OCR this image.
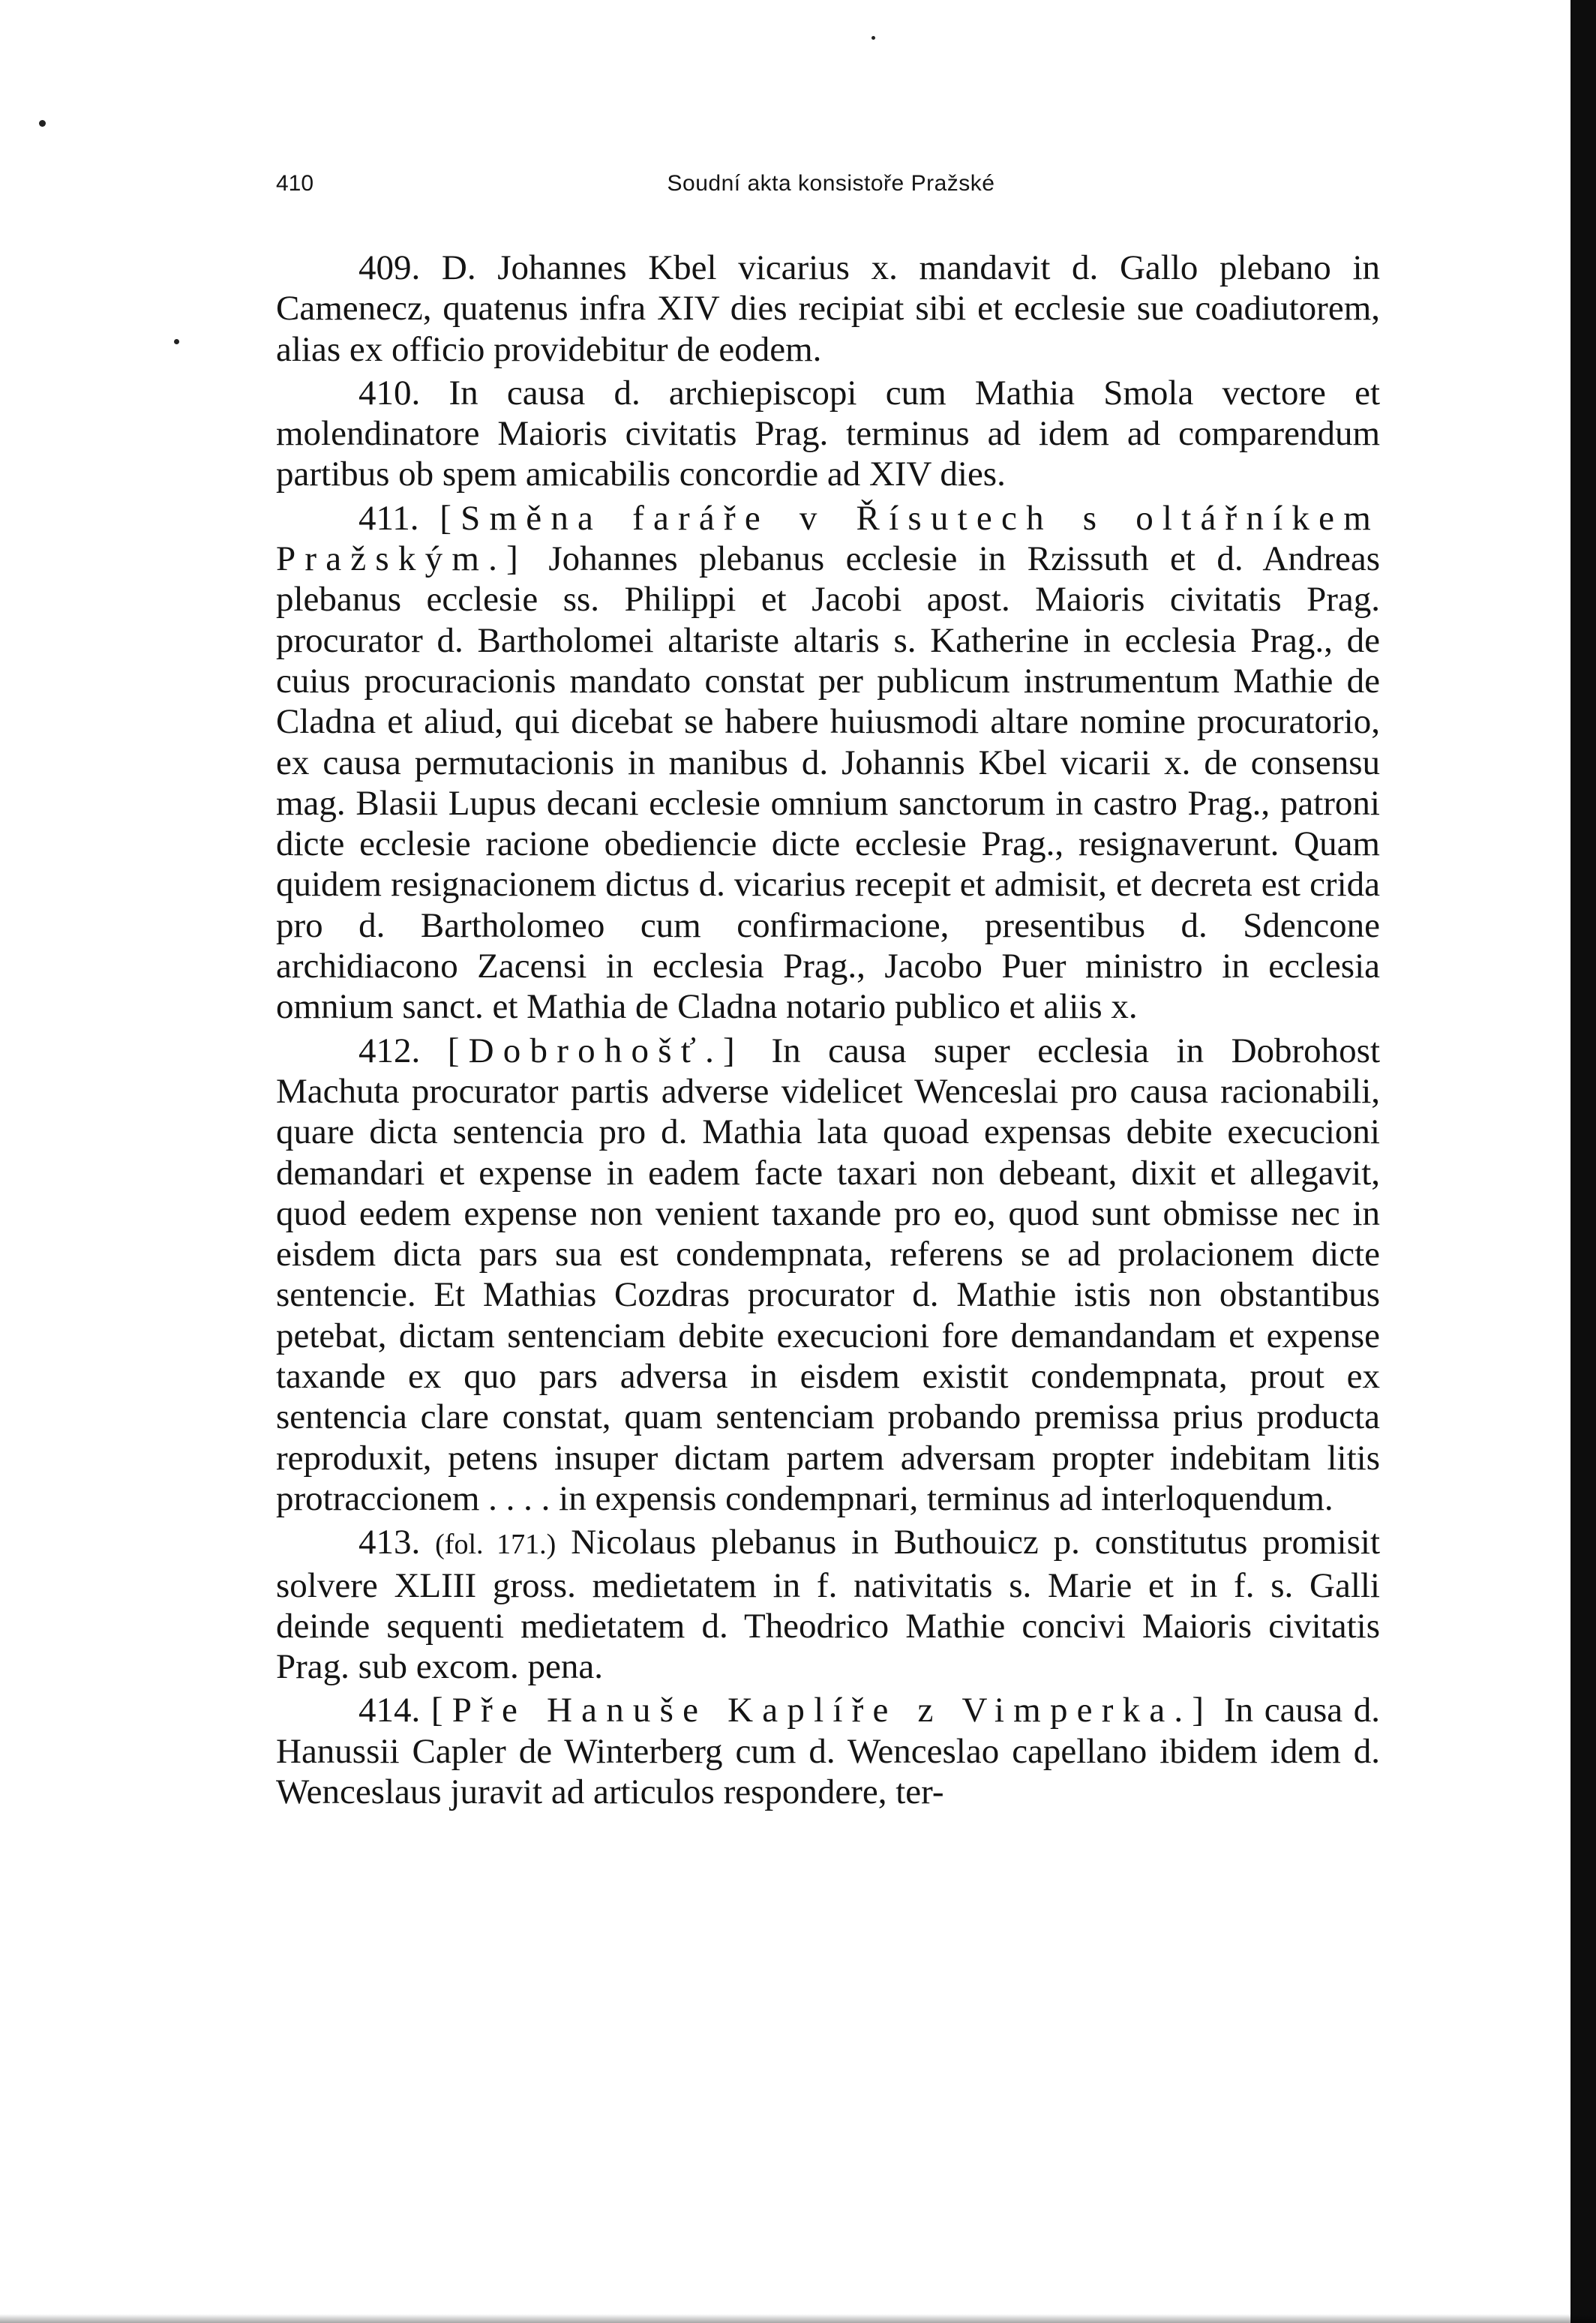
410	Soudní akta konsistoře Pražské

409. D. Johannes Kbel vicarius x. mandavit d. Gallo plebano in Camenecz, quatenus infra XIV dies recipiat sibi et ecclesie sue coadiutorem, alias ex officio providebitur de eodem.

410. In causa d. archiepiscopi cum Mathia Smola vectore et molendinatore Maioris civitatis Prag. terminus ad idem ad comparendum partibus ob spem amicabilis concordie ad XIV dies.

411. [Směna faráře v Řísutech s oltářníkem Pražským.] Johannes plebanus ecclesie in Rzissuth et d. Andreas plebanus ecclesie ss. Philippi et Jacobi apost. Maioris civitatis Prag. procurator d. Bartholomei altariste altaris s. Katherine in ecclesia Prag., de cuius procuracionis mandato constat per publicum instrumentum Mathie de Cladna et aliud, qui dicebat se habere huiusmodi altare nomine procuratorio, ex causa permutacionis in manibus d. Johannis Kbel vicarii x. de consensu mag. Blasii Lupus decani ecclesie omnium sanctorum in castro Prag., patroni dicte ecclesie racione obediencie dicte ecclesie Prag., resignaverunt. Quam quidem resignacionem dictus d. vicarius recepit et admisit, et decreta est crida pro d. Bartholomeo cum confirmacione, presentibus d. Sdencone archidiacono Zacensi in ecclesia Prag., Jacobo Puer ministro in ecclesia omnium sanct. et Mathia de Cladna notario publico et aliis x.

412. [Dobrohošť.] In causa super ecclesia in Dobrohost Machuta procurator partis adverse videlicet Wenceslai pro causa racionabili, quare dicta sentencia pro d. Mathia lata quoad expensas debite execucioni demandari et expense in eadem facte taxari non debeant, dixit et allegavit, quod eedem expense non venient taxande pro eo, quod sunt obmisse nec in eisdem dicta pars sua est condempnata, referens se ad prolacionem dicte sentencie. Et Mathias Cozdras procurator d. Mathie istis non obstantibus petebat, dictam sentenciam debite execucioni fore demandandam et expense taxande ex quo pars adversa in eisdem existit condempnata, prout ex sentencia clare constat, quam sentenciam probando premissa prius producta reproduxit, petens insuper dictam partem adversam propter indebitam litis protraccionem . . . . in expensis condempnari, terminus ad interloquendum.

413. (fol. 171.) Nicolaus plebanus in Buthouicz p. constitutus promisit solvere XLIII gross. medietatem in f. nativitatis s. Marie et in f. s. Galli deinde sequenti medietatem d. Theodrico Mathie concivi Maioris civitatis Prag. sub excom. pena.

414. [Pře Hanuše Kaplíře z Vimperka.] In causa d. Hanussii Capler de Winterberg cum d. Wenceslao capellano ibidem idem d. Wenceslaus juravit ad articulos respondere, ter-
